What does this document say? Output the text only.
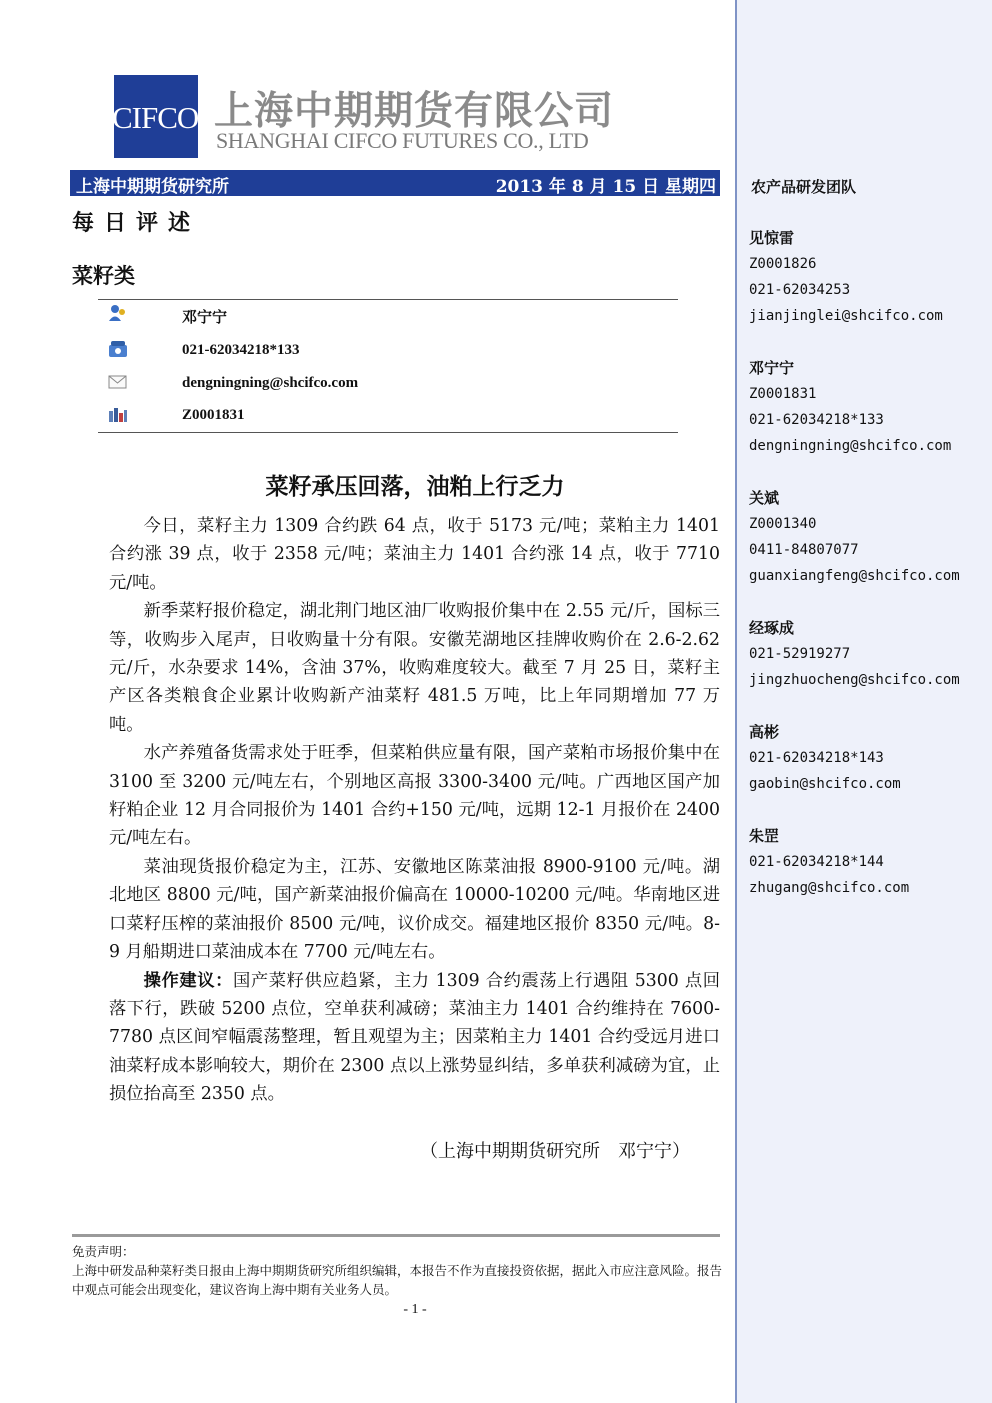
CIFCO 上海中期期货有限公司
SHANGHAI CIFCO FUTURES CO., LTD
上海中期期货研究所	2013 年 8 月 15 日 星期四
每日评述
菜籽类
邓宁宁
021-62034218*133
dengningning@shcifco.com
Z0001831
菜籽承压回落，油粕上行乏力

今日，菜籽主力 1309 合约跌 64 点，收于 5173 元/吨；菜粕主力 1401 合约涨 39 点，收于 2358 元/吨；菜油主力 1401 合约涨 14 点，收于 7710 元/吨。

新季菜籽报价稳定，湖北荆门地区油厂收购报价集中在 2.55 元/斤，国标三等，收购步入尾声，日收购量十分有限。安徽芜湖地区挂牌收购价在 2.6-2.62 元/斤，水杂要求 14%，含油 37%，收购难度较大。截至 7 月 25 日，菜籽主产区各类粮食企业累计收购新产油菜籽 481.5 万吨，比上年同期增加 77 万吨。

水产养殖备货需求处于旺季，但菜粕供应量有限，国产菜粕市场报价集中在 3100 至 3200 元/吨左右，个别地区高报 3300-3400 元/吨。广西地区国产加籽粕企业 12 月合同报价为 1401 合约+150 元/吨，远期 12-1 月报价在 2400 元/吨左右。

菜油现货报价稳定为主，江苏、安徽地区陈菜油报 8900-9100 元/吨。湖北地区 8800 元/吨，国产新菜油报价偏高在 10000-10200 元/吨。华南地区进口菜籽压榨的菜油报价 8500 元/吨，议价成交。福建地区报价 8350 元/吨。8-9 月船期进口菜油成本在 7700 元/吨左右。

操作建议：国产菜籽供应趋紧，主力 1309 合约震荡上行遇阻 5300 点回落下行，跌破 5200 点位，空单获利减磅；菜油主力 1401 合约维持在 7600-7780 点区间窄幅震荡整理，暂且观望为主；因菜粕主力 1401 合约受远月进口油菜籽成本影响较大，期价在 2300 点以上涨势显纠结，多单获利减磅为宜，止损位抬高至 2350 点。

（上海中期期货研究所　邓宁宁）
免责声明：
上海中研发品种菜籽类日报由上海中期期货研究所组织编辑，本报告不作为直接投资依据，据此入市应注意风险。报告中观点可能会出现变化，建议咨询上海中期有关业务人员。
- 1 -
农产品研发团队
见惊雷
Z0001826
021-62034253
jianjinglei@shcifco.com
邓宁宁
Z0001831
021-62034218*133
dengningning@shcifco.com
关斌
Z0001340
0411-84807077
guanxiangfeng@shcifco.com
经琢成
021-52919277
jingzhuocheng@shcifco.com
高彬
021-62034218*143
gaobin@shcifco.com
朱罡
021-62034218*144
zhugang@shcifco.com
